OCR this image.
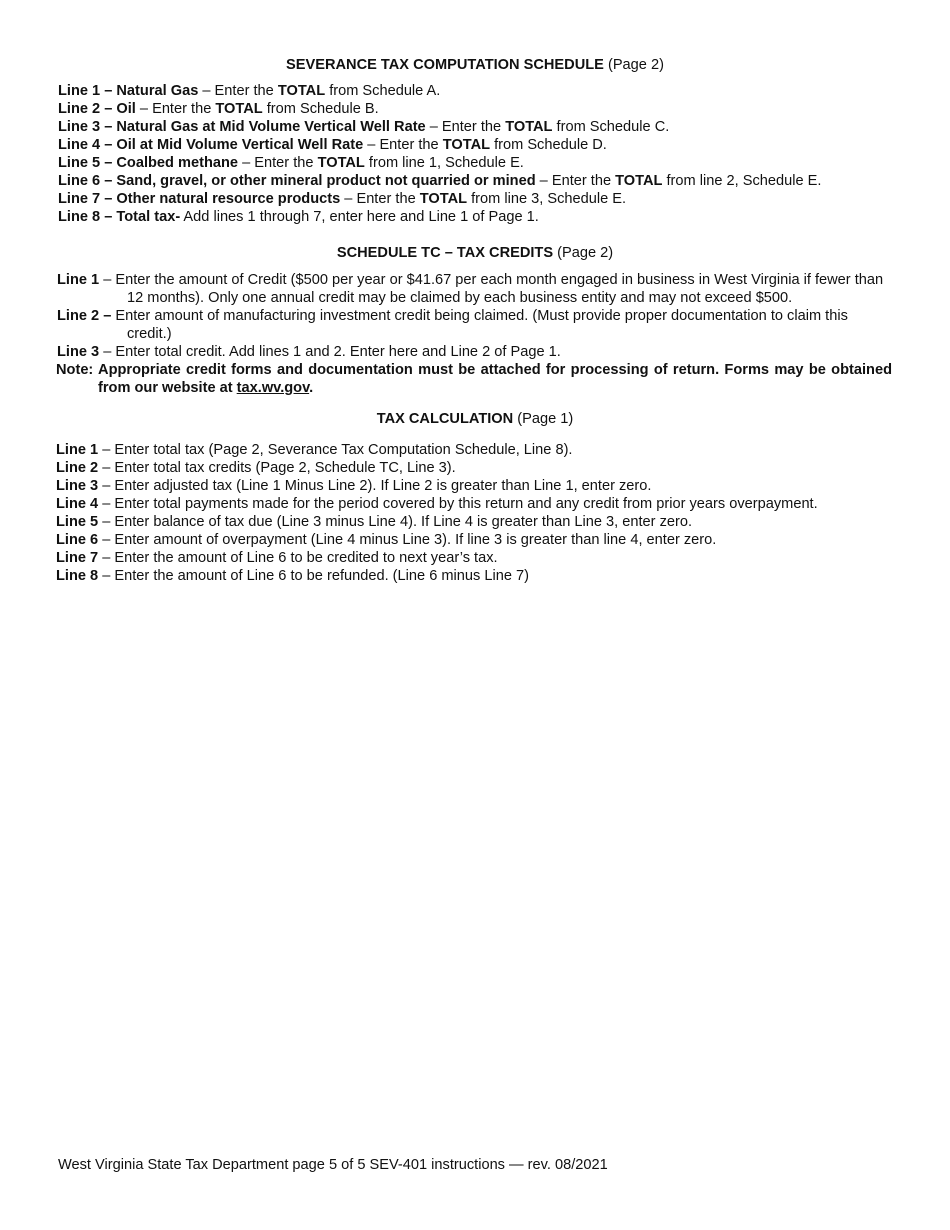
SEVERANCE TAX COMPUTATION SCHEDULE (Page 2)
Line 1 – Natural Gas – Enter the TOTAL from Schedule A.
Line 2 – Oil – Enter the TOTAL from Schedule B.
Line 3 – Natural Gas at Mid Volume Vertical Well Rate – Enter the TOTAL from Schedule C.
Line 4 – Oil at Mid Volume Vertical Well Rate – Enter the TOTAL from Schedule D.
Line 5 – Coalbed methane – Enter the TOTAL from line 1, Schedule E.
Line 6 – Sand, gravel, or other mineral product not quarried or mined – Enter the TOTAL from line 2, Schedule E.
Line 7 – Other natural resource products – Enter the TOTAL from line 3, Schedule E.
Line 8 – Total tax- Add lines 1 through 7, enter here and Line 1 of Page 1.
SCHEDULE TC – TAX CREDITS (Page 2)
Line 1 – Enter the amount of Credit ($500 per year or $41.67 per each month engaged in business in West Virginia if fewer than 12 months). Only one annual credit may be claimed by each business entity and may not exceed $500.
Line 2 – Enter amount of manufacturing investment credit being claimed. (Must provide proper documentation to claim this credit.)
Line 3 – Enter total credit. Add lines 1 and 2. Enter here and Line 2 of Page 1.
Note: Appropriate credit forms and documentation must be attached for processing of return. Forms may be obtained from our website at tax.wv.gov.
TAX CALCULATION (Page 1)
Line 1 – Enter total tax (Page 2, Severance Tax Computation Schedule, Line 8).
Line 2 – Enter total tax credits (Page 2, Schedule TC, Line 3).
Line 3 – Enter adjusted tax (Line 1 Minus Line 2). If Line 2 is greater than Line 1, enter zero.
Line 4 – Enter total payments made for the period covered by this return and any credit from prior years overpayment.
Line 5 – Enter balance of tax due (Line 3 minus Line 4). If Line 4 is greater than Line 3, enter zero.
Line 6 – Enter amount of overpayment (Line 4 minus Line 3). If line 3 is greater than line 4, enter zero.
Line 7 – Enter the amount of Line 6 to be credited to next year’s tax.
Line 8 – Enter the amount of Line 6 to be refunded. (Line 6 minus Line 7)
West Virginia State Tax Department page 5 of 5 SEV-401 instructions — rev. 08/2021
